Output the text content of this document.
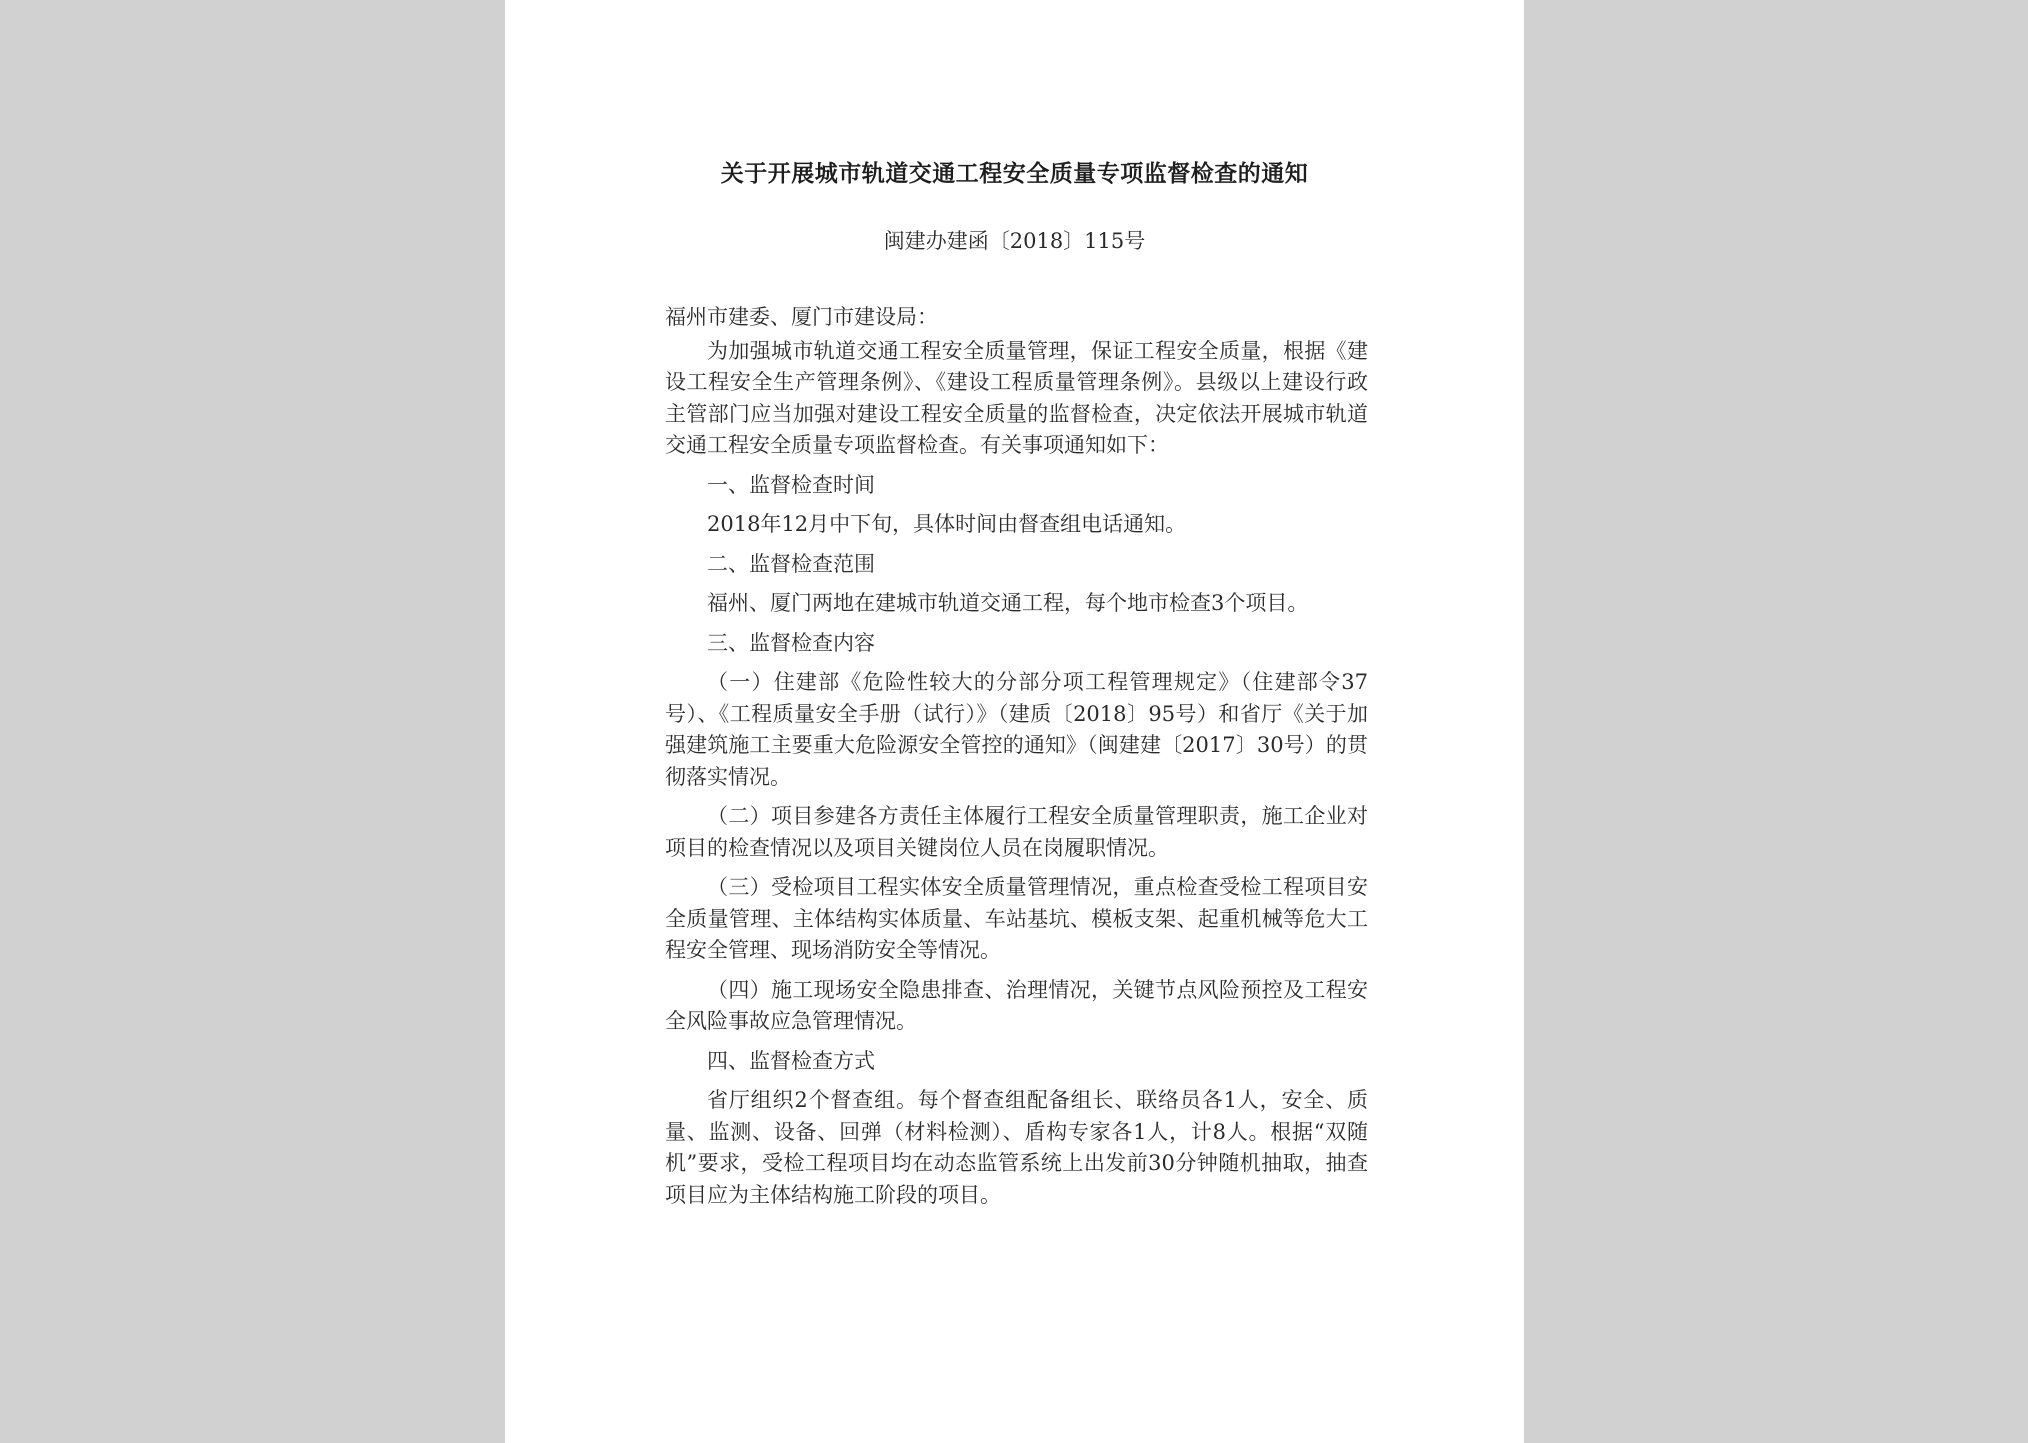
关于开展城市轨道交通工程安全质量专项监督检查的通知
闽建办建函〔2018〕115号

福州市建委、厦门市建设局：

为加强城市轨道交通工程安全质量管理，保证工程安全质量，根据《建设工程安全生产管理条例》、《建设工程质量管理条例》。县级以上建设行政主管部门应当加强对建设工程安全质量的监督检查，决定依法开展城市轨道交通工程安全质量专项监督检查。有关事项通知如下：

一、监督检查时间

2018年12月中下旬，具体时间由督查组电话通知。

二、监督检查范围

福州、厦门两地在建城市轨道交通工程，每个地市检查3个项目。

三、监督检查内容

（一）住建部《危险性较大的分部分项工程管理规定》（住建部令37号）、《工程质量安全手册（试行）》（建质〔2018〕95号）和省厅《关于加强建筑施工主要重大危险源安全管控的通知》（闽建建〔2017〕30号）的贯彻落实情况。

（二）项目参建各方责任主体履行工程安全质量管理职责，施工企业对项目的检查情况以及项目关键岗位人员在岗履职情况。

（三）受检项目工程实体安全质量管理情况，重点检查受检工程项目安全质量管理、主体结构实体质量、车站基坑、模板支架、起重机械等危大工程安全管理、现场消防安全等情况。

（四）施工现场安全隐患排查、治理情况，关键节点风险预控及工程安全风险事故应急管理情况。

四、监督检查方式

省厅组织2个督查组。每个督查组配备组长、联络员各1人，安全、质量、监测、设备、回弹（材料检测）、盾构专家各1人，计8人。根据“双随机”要求，受检工程项目均在动态监管系统上出发前30分钟随机抽取，抽查项目应为主体结构施工阶段的项目。
